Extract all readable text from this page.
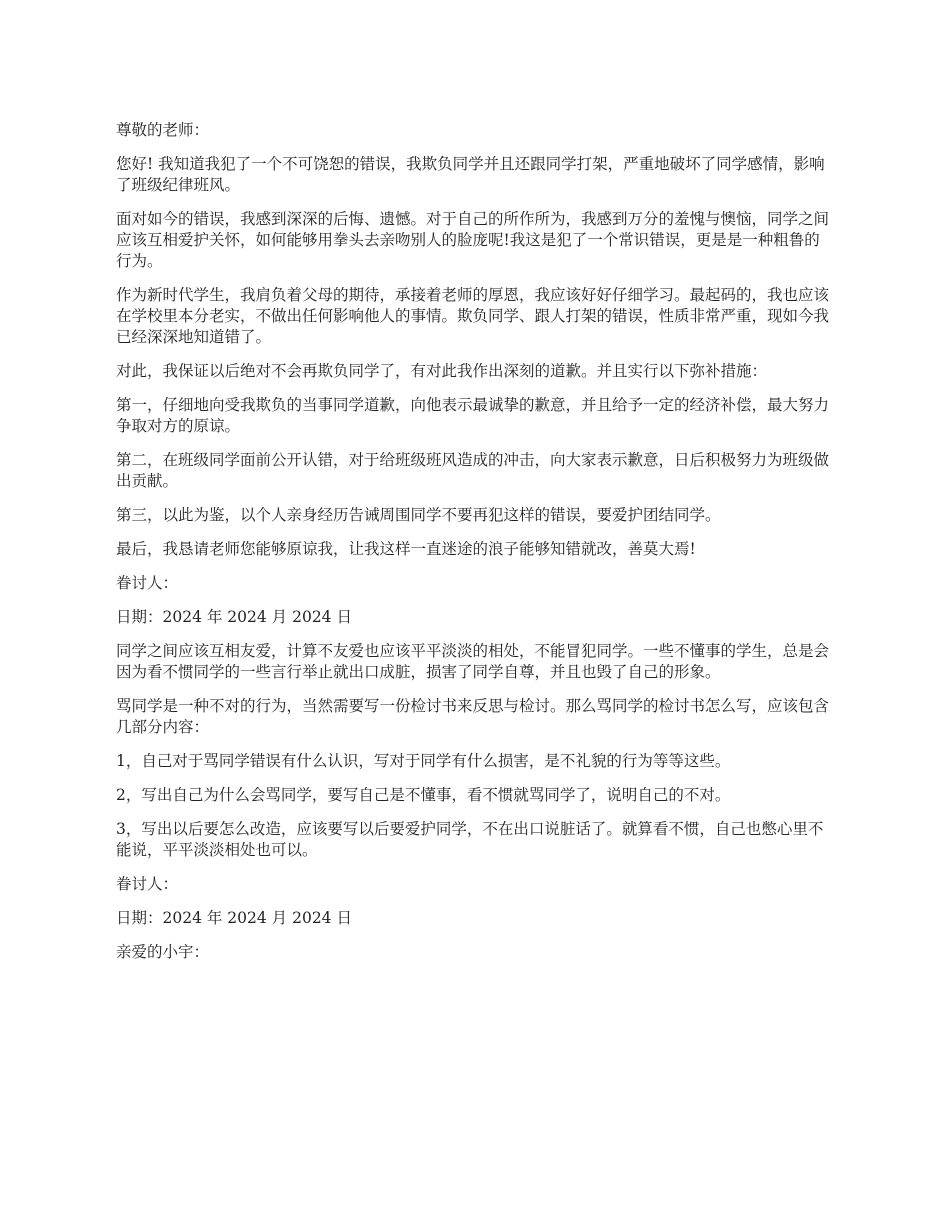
尊敬的老师：

您好! 我知道我犯了一个不可饶恕的错误，我欺负同学并且还跟同学打架，严重地破坏了同学感情，影响了班级纪律班风。

面对如今的错误，我感到深深的后悔、遗憾。对于自己的所作所为，我感到万分的羞愧与懊恼，同学之间应该互相爱护关怀，如何能够用拳头去亲吻别人的脸庞呢!我这是犯了一个常识错误，更是是一种粗鲁的行为。

作为新时代学生，我肩负着父母的期待，承接着老师的厚恩，我应该好好仔细学习。最起码的，我也应该在学校里本分老实，不做出任何影响他人的事情。欺负同学、跟人打架的错误，性质非常严重，现如今我已经深深地知道错了。

对此，我保证以后绝对不会再欺负同学了，有对此我作出深刻的道歉。并且实行以下弥补措施：

第一，仔细地向受我欺负的当事同学道歉，向他表示最诚挚的歉意，并且给予一定的经济补偿，最大努力争取对方的原谅。

第二，在班级同学面前公开认错，对于给班级班风造成的冲击，向大家表示歉意，日后积极努力为班级做出贡献。

第三，以此为鉴，以个人亲身经历告诫周围同学不要再犯这样的错误，要爱护团结同学。

最后，我恳请老师您能够原谅我，让我这样一直迷途的浪子能够知错就改，善莫大焉!

眷讨人：

日期：2024 年 2024 月 2024 日

同学之间应该互相友爱，计算不友爱也应该平平淡淡的相处，不能冒犯同学。一些不懂事的学生，总是会因为看不惯同学的一些言行举止就出口成脏，损害了同学自尊，并且也毁了自己的形象。

骂同学是一种不对的行为，当然需要写一份检讨书来反思与检讨。那么骂同学的检讨书怎么写，应该包含几部分内容：

1，自己对于骂同学错误有什么认识，写对于同学有什么损害，是不礼貌的行为等等这些。

2，写出自己为什么会骂同学，要写自己是不懂事，看不惯就骂同学了，说明自己的不对。

3，写出以后要怎么改造，应该要写以后要爱护同学，不在出口说脏话了。就算看不惯，自己也憋心里不能说，平平淡淡相处也可以。

眷讨人：

日期：2024 年 2024 月 2024 日

亲爱的小宇：
